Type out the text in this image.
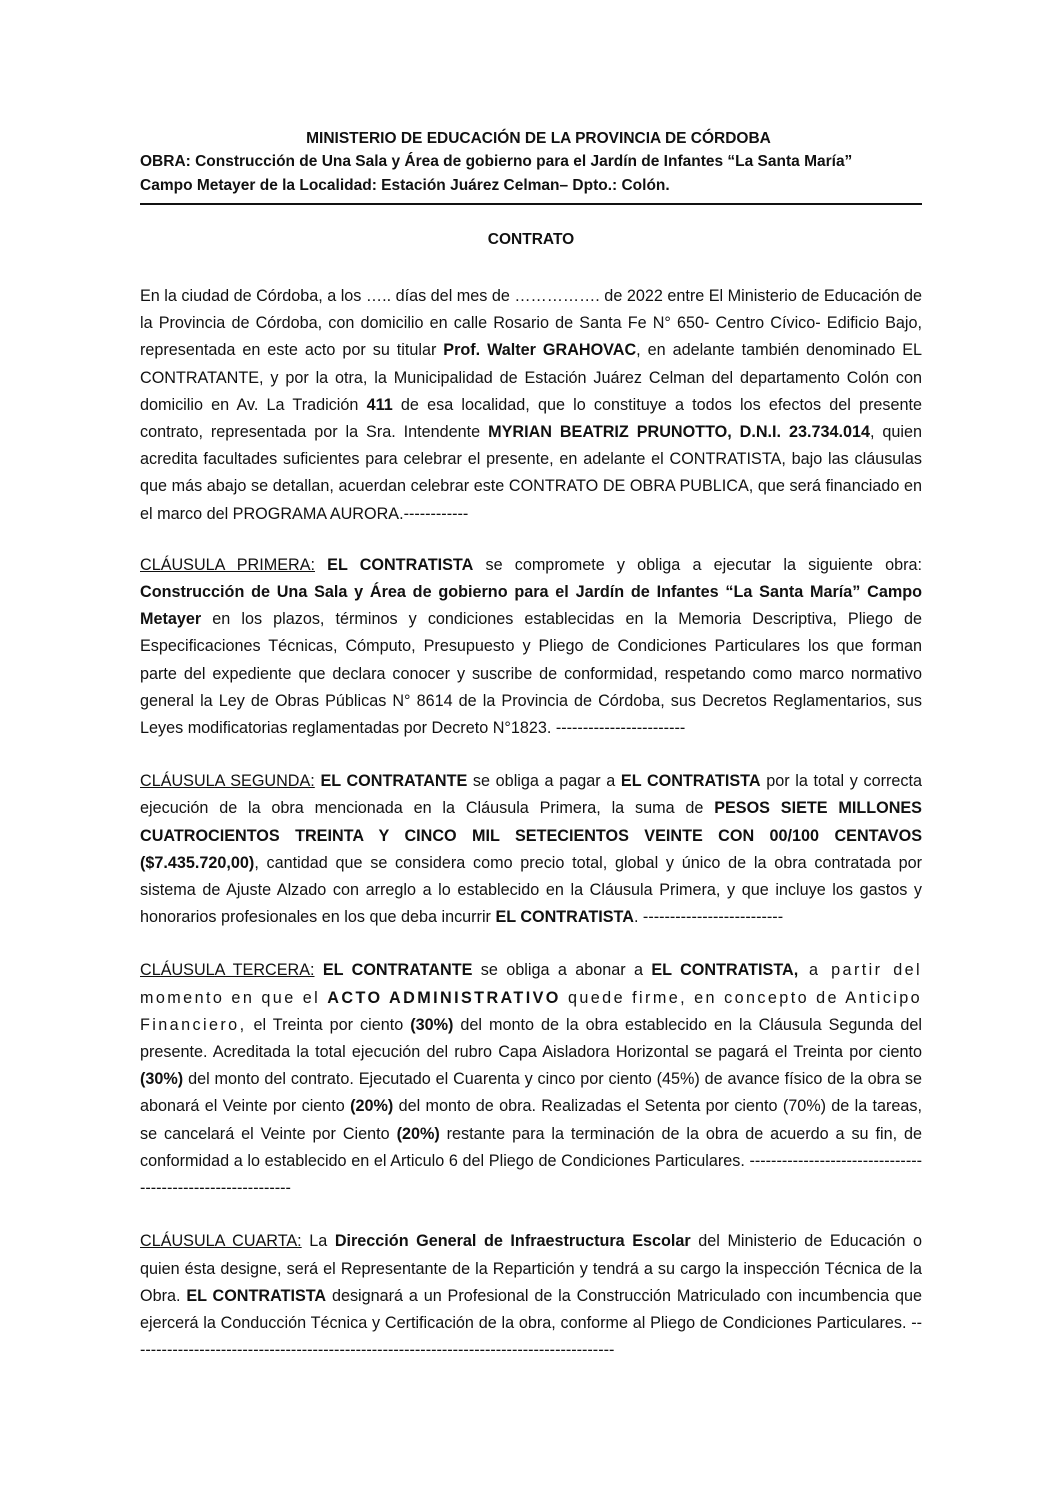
MINISTERIO DE EDUCACIÓN DE LA PROVINCIA DE CÓRDOBA
OBRA: Construcción de Una Sala y Área de gobierno para el Jardín de Infantes “La Santa María”
Campo Metayer de la Localidad: Estación Juárez Celman– Dpto.: Colón.
CONTRATO

En la ciudad de Córdoba, a los ….. días del mes de ……………. de 2022 entre El Ministerio de Educación de la Provincia de Córdoba, con domicilio en calle Rosario de Santa Fe N° 650- Centro Cívico- Edificio Bajo, representada en este acto por su titular Prof. Walter GRAHOVAC, en adelante también denominado EL CONTRATANTE, y por la otra, la Municipalidad de Estación Juárez Celman del departamento Colón con domicilio en Av. La Tradición 411 de esa localidad, que lo constituye a todos los efectos del presente contrato, representada por la Sra. Intendente MYRIAN BEATRIZ PRUNOTTO, D.N.I. 23.734.014, quien acredita facultades suficientes para celebrar el presente, en adelante el CONTRATISTA, bajo las cláusulas que más abajo se detallan, acuerdan celebrar este CONTRATO DE OBRA PUBLICA, que será financiado en el marco del PROGRAMA AURORA.------------

CLÁUSULA PRIMERA: EL CONTRATISTA se compromete y obliga a ejecutar la siguiente obra: Construcción de Una Sala y Área de gobierno para el Jardín de Infantes “La Santa María” Campo Metayer en los plazos, términos y condiciones establecidas en la Memoria Descriptiva, Pliego de Especificaciones Técnicas, Cómputo, Presupuesto y Pliego de Condiciones Particulares los que forman parte del expediente que declara conocer y suscribe de conformidad, respetando como marco normativo general la Ley de Obras Públicas N° 8614 de la Provincia de Córdoba, sus Decretos Reglamentarios, sus Leyes modificatorias reglamentadas por Decreto N°1823. ------------------------

CLÁUSULA SEGUNDA: EL CONTRATANTE se obliga a pagar a EL CONTRATISTA por la total y correcta ejecución de la obra mencionada en la Cláusula Primera, la suma de PESOS SIETE MILLONES CUATROCIENTOS TREINTA Y CINCO MIL SETECIENTOS VEINTE CON 00/100 CENTAVOS ($7.435.720,00), cantidad que se considera como precio total, global y único de la obra contratada por sistema de Ajuste Alzado con arreglo a lo establecido en la Cláusula Primera, y que incluye los gastos y honorarios profesionales en los que deba incurrir EL CONTRATISTA. --------------------------

CLÁUSULA TERCERA: EL CONTRATANTE se obliga a abonar a EL CONTRATISTA, a partir del momento en que el ACTO ADMINISTRATIVO quede firme, en concepto de Anticipo Financiero, el Treinta por ciento (30%) del monto de la obra establecido en la Cláusula Segunda del presente. Acreditada la total ejecución del rubro Capa Aisladora Horizontal se pagará el Treinta por ciento (30%) del monto del contrato. Ejecutado el Cuarenta y cinco por ciento (45%) de avance físico de la obra se abonará el Veinte por ciento (20%) del monto de obra. Realizadas el Setenta por ciento (70%) de la tareas, se cancelará el Veinte por Ciento (20%) restante para la terminación de la obra de acuerdo a su fin, de conformidad a lo establecido en el Articulo 6 del Pliego de Condiciones Particulares. ------------------------------------------------------------

CLÁUSULA CUARTA: La Dirección General de Infraestructura Escolar del Ministerio de Educación o quien ésta designe, será el Representante de la Repartición y tendrá a su cargo la inspección Técnica de la Obra. EL CONTRATISTA designará a un Profesional de la Construcción Matriculado con incumbencia que ejercerá la Conducción Técnica y Certificación de la obra, conforme al Pliego de Condiciones Particulares. ------------------------------------------------------------------------------------------
